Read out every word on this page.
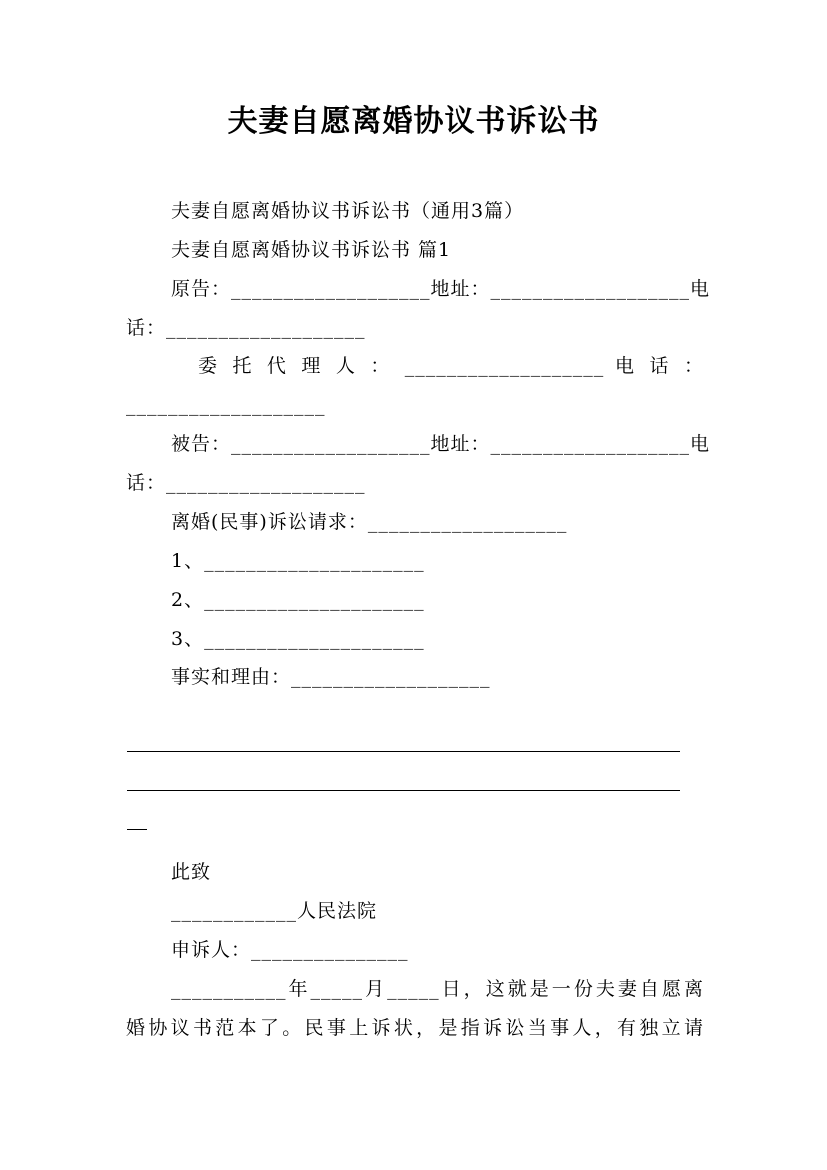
夫妻自愿离婚协议书诉讼书
夫妻自愿离婚协议书诉讼书（通用3篇）
夫妻自愿离婚协议书诉讼书 篇1
原告：___________________地址：___________________电
话：___________________
委 托 代 理 人 ： ___________________ 电 话 ：
___________________
被告：___________________地址：___________________电
话：___________________
离婚(民事)诉讼请求：___________________
1、_____________________
2、_____________________
3、_____________________
事实和理由：___________________
此致
____________人民法院
申诉人：_______________
___________年_____月_____日，这就是一份夫妻自愿离
婚协议书范本了。民事上诉状，是指诉讼当事人，有独立请
